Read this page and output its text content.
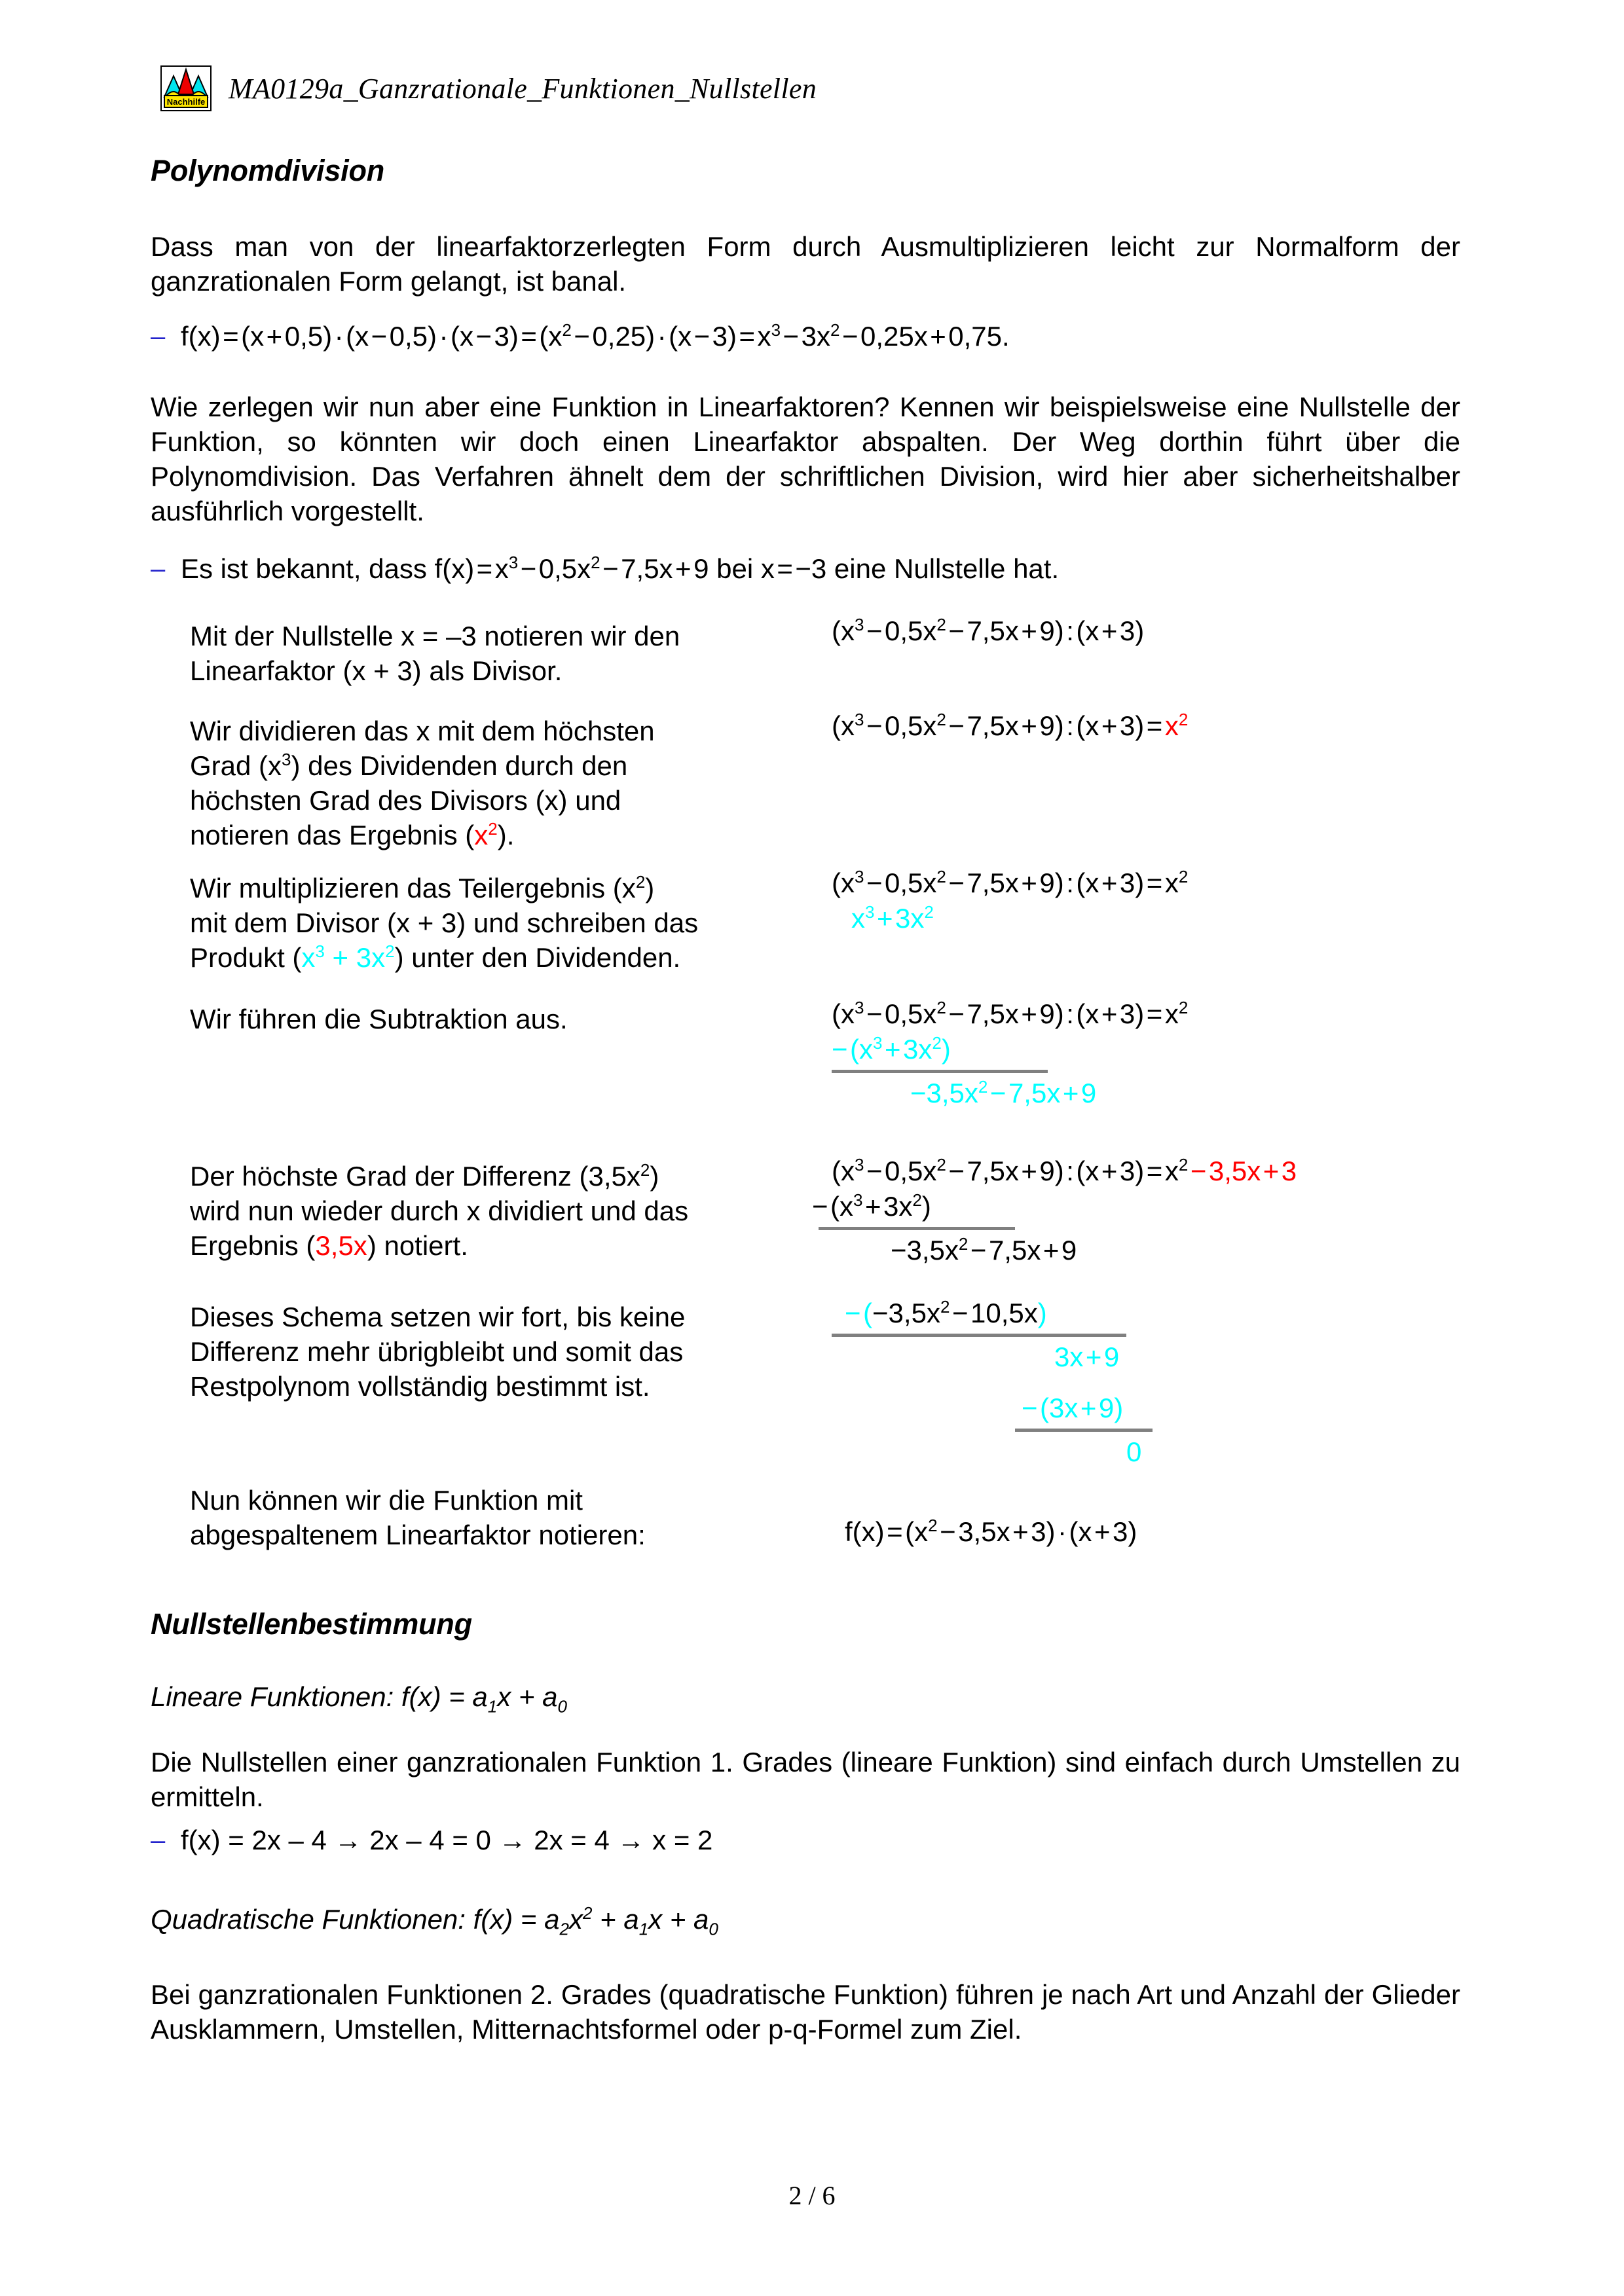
Nachhilfe MA0129a_Ganzrationale_Funktionen_Nullstellen
Polynomdivision
Dass man von der linearfaktorzerlegten Form durch Ausmultiplizieren leicht zur Normalform der ganzrationalen Form gelangt, ist banal.
– f(x) = (x + 0,5) · (x − 0,5) · (x − 3) = ($x^2$ − 0,25) · (x − 3) = $x^3$ − $3x^2$ − 0,25x + 0,75.
Wie zerlegen wir nun aber eine Funktion in Linearfaktoren? Kennen wir beispielsweise eine Nullstelle der Funktion, so könnten wir doch einen Linearfaktor abspalten. Der Weg dorthin führt über die Polynomdivision. Das Verfahren ähnelt dem der schriftlichen Division, wird hier aber sicherheitshalber ausführlich vorgestellt.
– Es ist bekannt, dass f(x) = $x^3$ − $0,5x^2$ − 7,5x + 9 bei x = −3 eine Nullstelle hat.
Mit der Nullstelle x = –3 notieren wir den
Linearfaktor (x + 3) als Divisor.
($x^3$ − $0,5x^2$ − 7,5x + 9) : (x + 3)
Wir dividieren das x mit dem höchsten
Grad $(x^3)$ des Dividenden durch den
höchsten Grad des Divisors (x) und
notieren das Ergebnis $(x^2)$.
($x^3$ − $0,5x^2$ − 7,5x + 9) : (x + 3) = $x^2$
Wir multiplizieren das Teilergebnis $(x^2)$
mit dem Divisor (x + 3) und schreiben das
Produkt $(x^3 + 3x^2)$ unter den Dividenden.
($x^3$ − $0,5x^2$ − 7,5x + 9) : (x + 3) = $x^2$
$x^3$ + $3x^2$
Wir führen die Subtraktion aus.	($x^3$ − $0,5x^2$ − 7,5x + 9) : (x + 3) = $x^2$
− ($x^3$ + $3x^2$)
$-3,5x^2$ − 7,5x + 9
Der höchste Grad der Differenz $(3,5x^2)$
wird nun wieder durch x dividiert und das
Ergebnis (3,5x) notiert.
($x^3$ − $0,5x^2$ − 7,5x + 9) : (x + 3) = $x^2$ − 3,5x + 3
− ($x^3$ + $3x^2$)
$-3,5x^2$ − 7,5x + 9
Dieses Schema setzen wir fort, bis keine
Differenz mehr übrigbleibt und somit das
Restpolynom vollständig bestimmt ist.
− ($-3,5x^2$ − 10,5x)
3x + 9
− (3x + 9)
0
Nun können wir die Funktion mit
abgespaltenem Linearfaktor notieren:	f(x) = ($x^2$ − 3,5x + 3) · (x + 3)
Nullstellenbestimmung
Lineare Funktionen: $f(x) = a_1x + a_0$
Die Nullstellen einer ganzrationalen Funktion 1. Grades (lineare Funktion) sind einfach durch Umstellen zu ermitteln.
– f(x) = 2x – 4 → 2x – 4 = 0 → 2x = 4 → x = 2
Quadratische Funktionen: $f(x) = a_2x^2 + a_1x + a_0$
Bei ganzrationalen Funktionen 2. Grades (quadratische Funktion) führen je nach Art und Anzahl der Glieder Ausklammern, Umstellen, Mitternachtsformel oder p-q-Formel zum Ziel.
2 / 6
